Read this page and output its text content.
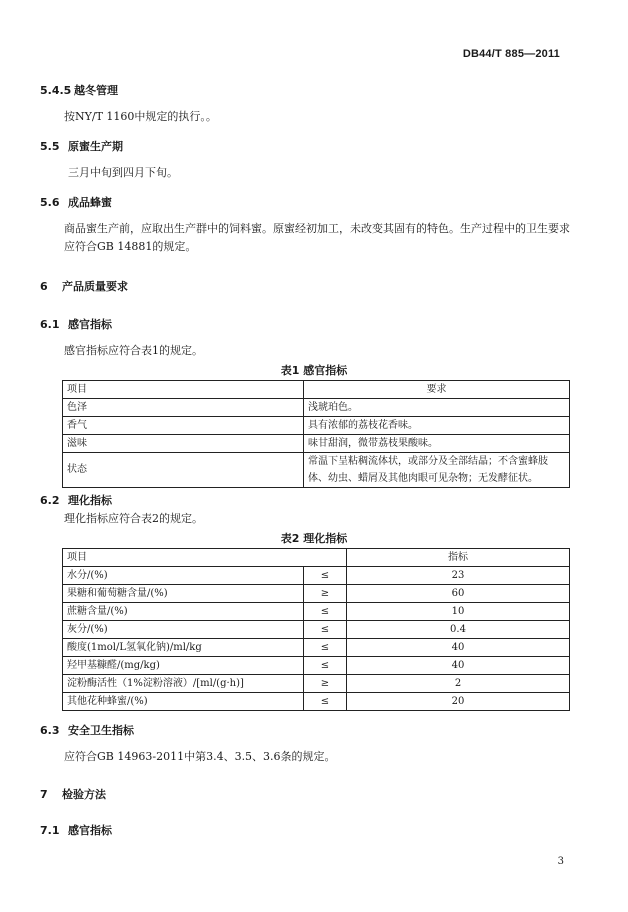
DB44/T 885—2011
5.4.5 越冬管理
按NY/T 1160中规定的执行。。
5.5 原蜜生产期
三月中旬到四月下旬。
5.6 成品蜂蜜
商品蜜生产前，应取出生产群中的饲料蜜。原蜜经初加工，未改变其固有的特色。生产过程中的卫生要求 应符合GB 14881的规定。
6 产品质量要求
6.1 感官指标
感官指标应符合表1的规定。
表1 感官指标
项目	要求
色泽	浅琥珀色。
香气	具有浓郁的荔枝花香味。
滋味	味甘甜润，微带荔枝果酸味。
状态	常温下呈粘稠流体状，或部分及全部结晶；不含蜜蜂肢体、幼虫、蜡屑及其他肉眼可见杂物；无发酵征状。
6.2 理化指标
理化指标应符合表2的规定。
表2 理化指标
项目		指标
水分/(%)	≤	23
果糖和葡萄糖含量/(%)	≥	60
蔗糖含量/(%)	≤	10
灰分/(%)	≤	0.4
酸度(1mol/L氢氧化钠)/ml/kg	≤	40
羟甲基糠醛/(mg/kg)	≤	40
淀粉酶活性（1%淀粉溶液）/[ml/(g·h)]	≥	2
其他花种蜂蜜/(%)	≤	20
6.3 安全卫生指标
应符合GB 14963-2011中第3.4、3.5、3.6条的规定。
7 检验方法
7.1 感官指标
3
